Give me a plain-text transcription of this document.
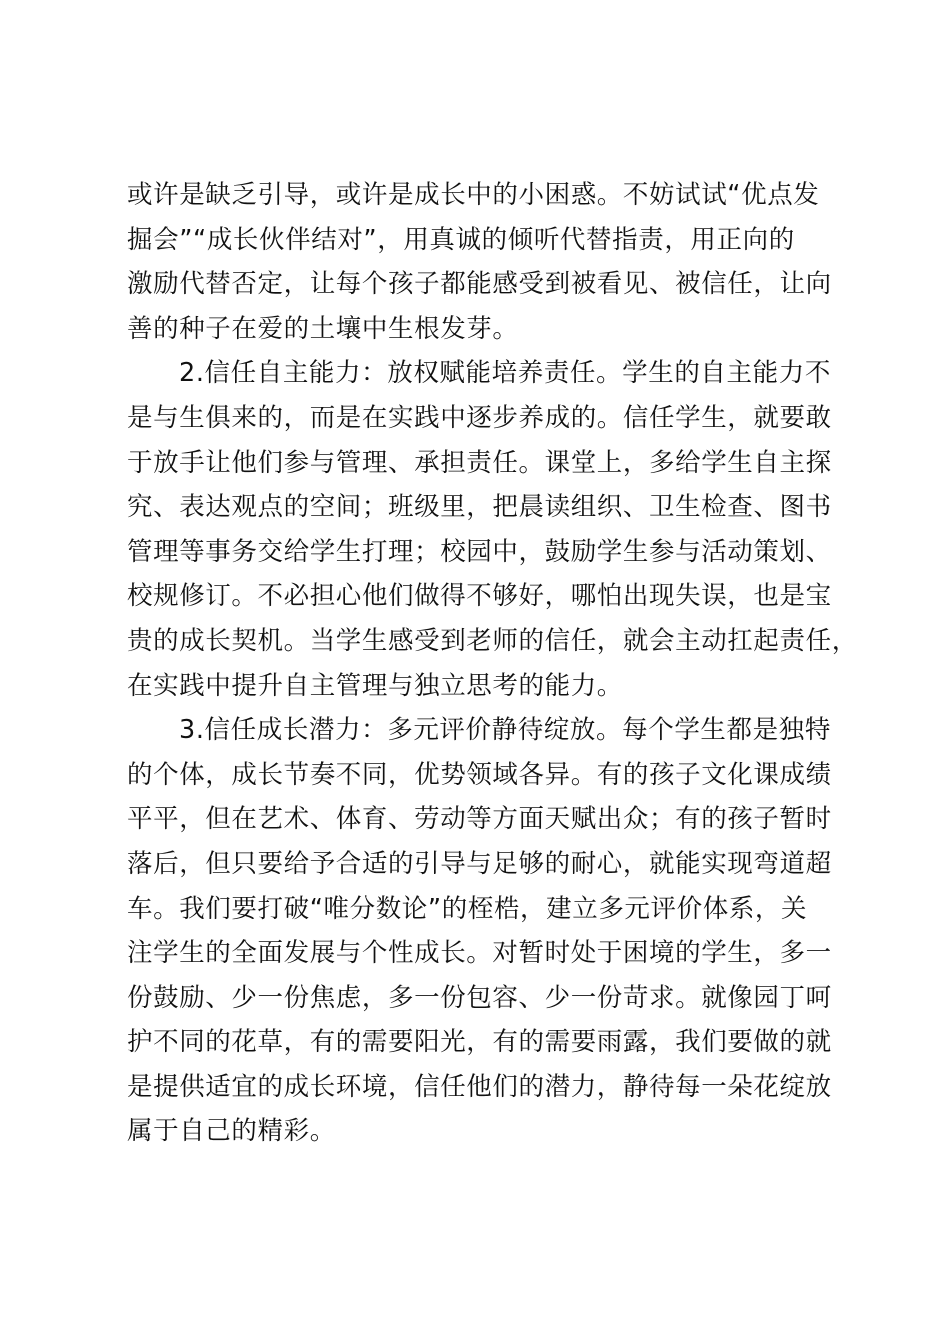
或许是缺乏引导，或许是成长中的小困惑。不妨试试“优点发
掘会”“成长伙伴结对”，用真诚的倾听代替指责，用正向的
激励代替否定，让每个孩子都能感受到被看见、被信任，让向
善的种子在爱的土壤中生根发芽。

2.信任自主能力：放权赋能培养责任。学生的自主能力不
是与生俱来的，而是在实践中逐步养成的。信任学生，就要敢
于放手让他们参与管理、承担责任。课堂上，多给学生自主探
究、表达观点的空间；班级里，把晨读组织、卫生检查、图书
管理等事务交给学生打理；校园中，鼓励学生参与活动策划、
校规修订。不必担心他们做得不够好，哪怕出现失误，也是宝
贵的成长契机。当学生感受到老师的信任，就会主动扛起责任，
在实践中提升自主管理与独立思考的能力。

3.信任成长潜力：多元评价静待绽放。每个学生都是独特
的个体，成长节奏不同，优势领域各异。有的孩子文化课成绩
平平，但在艺术、体育、劳动等方面天赋出众；有的孩子暂时
落后，但只要给予合适的引导与足够的耐心，就能实现弯道超
车。我们要打破“唯分数论”的桎梏，建立多元评价体系，关
注学生的全面发展与个性成长。对暂时处于困境的学生，多一
份鼓励、少一份焦虑，多一份包容、少一份苛求。就像园丁呵
护不同的花草，有的需要阳光，有的需要雨露，我们要做的就
是提供适宜的成长环境，信任他们的潜力，静待每一朵花绽放
属于自己的精彩。
